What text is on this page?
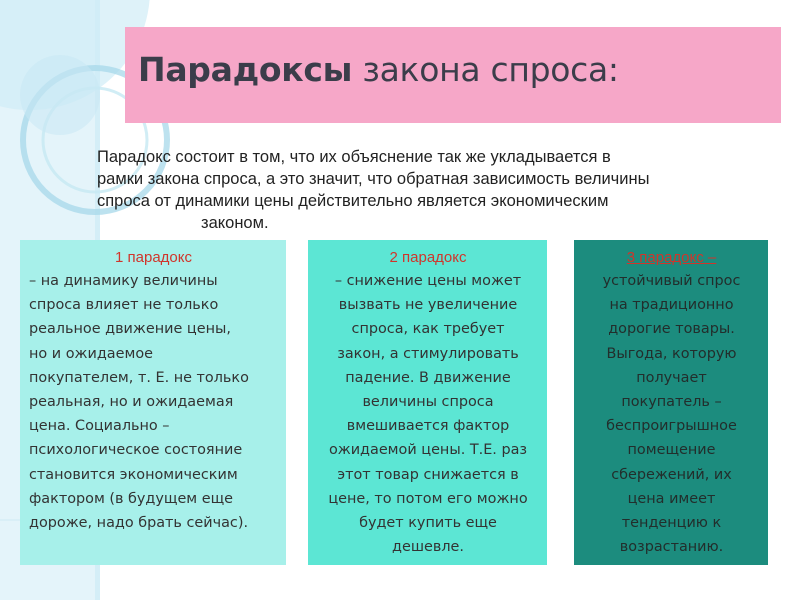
Парадоксы закона спроса:

Парадокс состоит в том, что их объяснение так же укладывается в
рамки закона спроса, а это значит, что обратная зависимость величины
спроса от динамики цены действительно является экономическим
законом.

1 парадокс

– на динамику величины
спроса влияет не только
реальное движение цены,
но и ожидаемое
покупателем, т. Е. не только
реальная, но и ожидаемая
цена. Социально –
психологическое состояние
становится экономическим
фактором (в будущем еще
дороже, надо брать сейчас).

2 парадокс

– снижение цены может
вызвать не увеличение
спроса, как требует
закон, а стимулировать
падение. В движение
величины спроса
вмешивается фактор
ожидаемой цены. Т.Е. раз
этот товар снижается в
цене, то потом его можно
будет купить еще
дешевле.

3 парадокс –

устойчивый спрос
на традиционно
дорогие товары.
Выгода, которую
получает
покупатель –
беспроигрышное
помещение
сбережений, их
цена имеет
тенденцию к
возрастанию.
